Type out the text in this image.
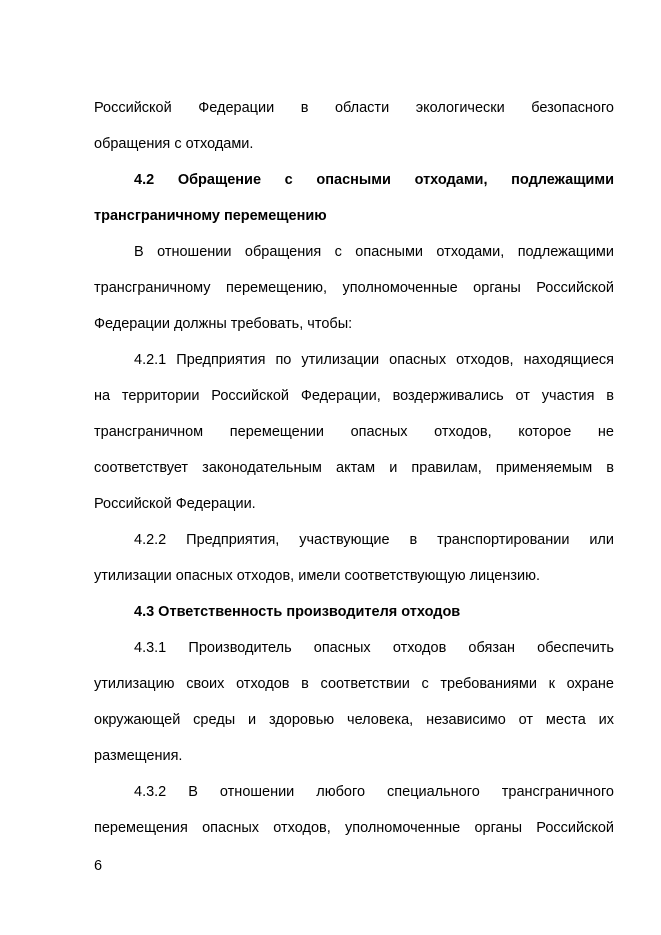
Российской Федерации в области экологически безопасного
обращения с отходами.
4.2 Обращение с опасными отходами, подлежащими
трансграничному перемещению
В отношении обращения с опасными отходами, подлежащими
трансграничному перемещению, уполномоченные органы Российской
Федерации должны требовать, чтобы:
4.2.1 Предприятия по утилизации опасных отходов, находящиеся
на территории Российской Федерации, воздерживались от участия в
трансграничном перемещении опасных отходов, которое не
соответствует законодательным актам и правилам, применяемым в
Российской Федерации.
4.2.2 Предприятия, участвующие в транспортировании или
утилизации опасных отходов, имели соответствующую лицензию.
4.3 Ответственность производителя отходов
4.3.1 Производитель опасных отходов обязан обеспечить
утилизацию своих отходов в соответствии с требованиями к охране
окружающей среды и здоровью человека, независимо от места их
размещения.
4.3.2 В отношении любого специального трансграничного
перемещения опасных отходов, уполномоченные органы Российской
6
